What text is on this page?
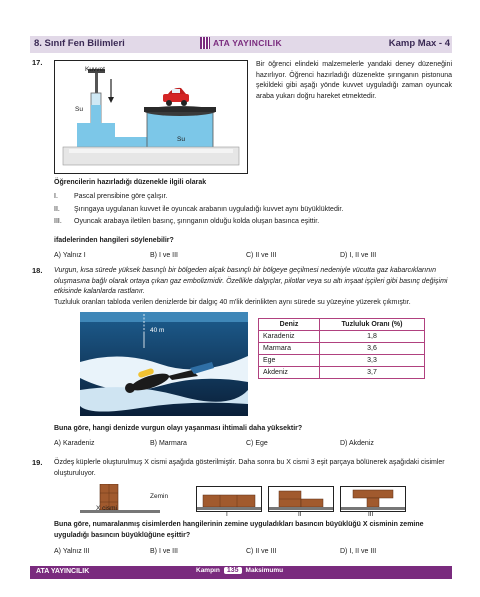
8. Sınıf Fen Bilimleri	ATA YAYINCILIK	Kamp Max - 4
17.
Kuvvet
Su
Su
Bir öğrenci elindeki malzemelerle yandaki deney düzeneğini hazırlıyor. Öğrenci hazırladığı düzenekte şırınganın pistonuna şekildeki gibi aşağı yönde kuvvet uyguladığı zaman oyuncak araba yukarı doğru hareket etmektedir.
Öğrencilerin hazırladığı düzenekle ilgili olarak
I.	Pascal prensibine göre çalışır.
II.	Şırıngaya uygulanan kuvvet ile oyuncak arabanın uyguladığı kuvvet aynı büyüklüktedir.
III.	Oyuncak arabaya iletilen basınç, şırınganın olduğu kolda oluşan basınca eşittir.
ifadelerinden hangileri söylenebilir?
A) Yalnız I	B) I ve III	C) II ve III	D) I, II ve III
18. Vurgun, kısa sürede yüksek basınçlı bir bölgeden alçak basınçlı bir bölgeye geçilmesi nedeniyle vücutta gaz kabarcıklarının oluşmasına bağlı olarak ortaya çıkan gaz embolizmidir. Özellikle dalgıçlar, pilotlar veya su altı inşaat işçileri gibi basınç değişimi etkisinde kalanlarda rastlanır.
Tuzluluk oranları tabloda verilen denizlerde bir dalgıç 40 m'lik derinlikten aynı sürede su yüzeyine yüzerek çıkmıştır.
40 m
Deniz	Tuzluluk Oranı (%)
Karadeniz	1,8
Marmara	3,6
Ege	3,3
Akdeniz	3,7
Buna göre, hangi denizde vurgun olayı yaşanması ihtimali daha yüksektir?
A) Karadeniz	B) Marmara	C) Ege	D) Akdeniz
19. Özdeş küplerle oluşturulmuş X cismi aşağıda gösterilmiştir. Daha sonra bu X cismi 3 eşit parçaya bölünerek aşağıdaki cisimler oluşturuluyor.
Zemin
X cismi
I	II	III
Buna göre, numaralanmış cisimlerden hangilerinin zemine uyguladıkları basıncın büyüklüğü X cisminin zemine uyguladığı basıncın büyüklüğüne eşittir?
A) Yalnız III	B) I ve III	C) II ve III	D) I, II ve III
ATA YAYINCILIK	Kampın	135	Maksimumu
